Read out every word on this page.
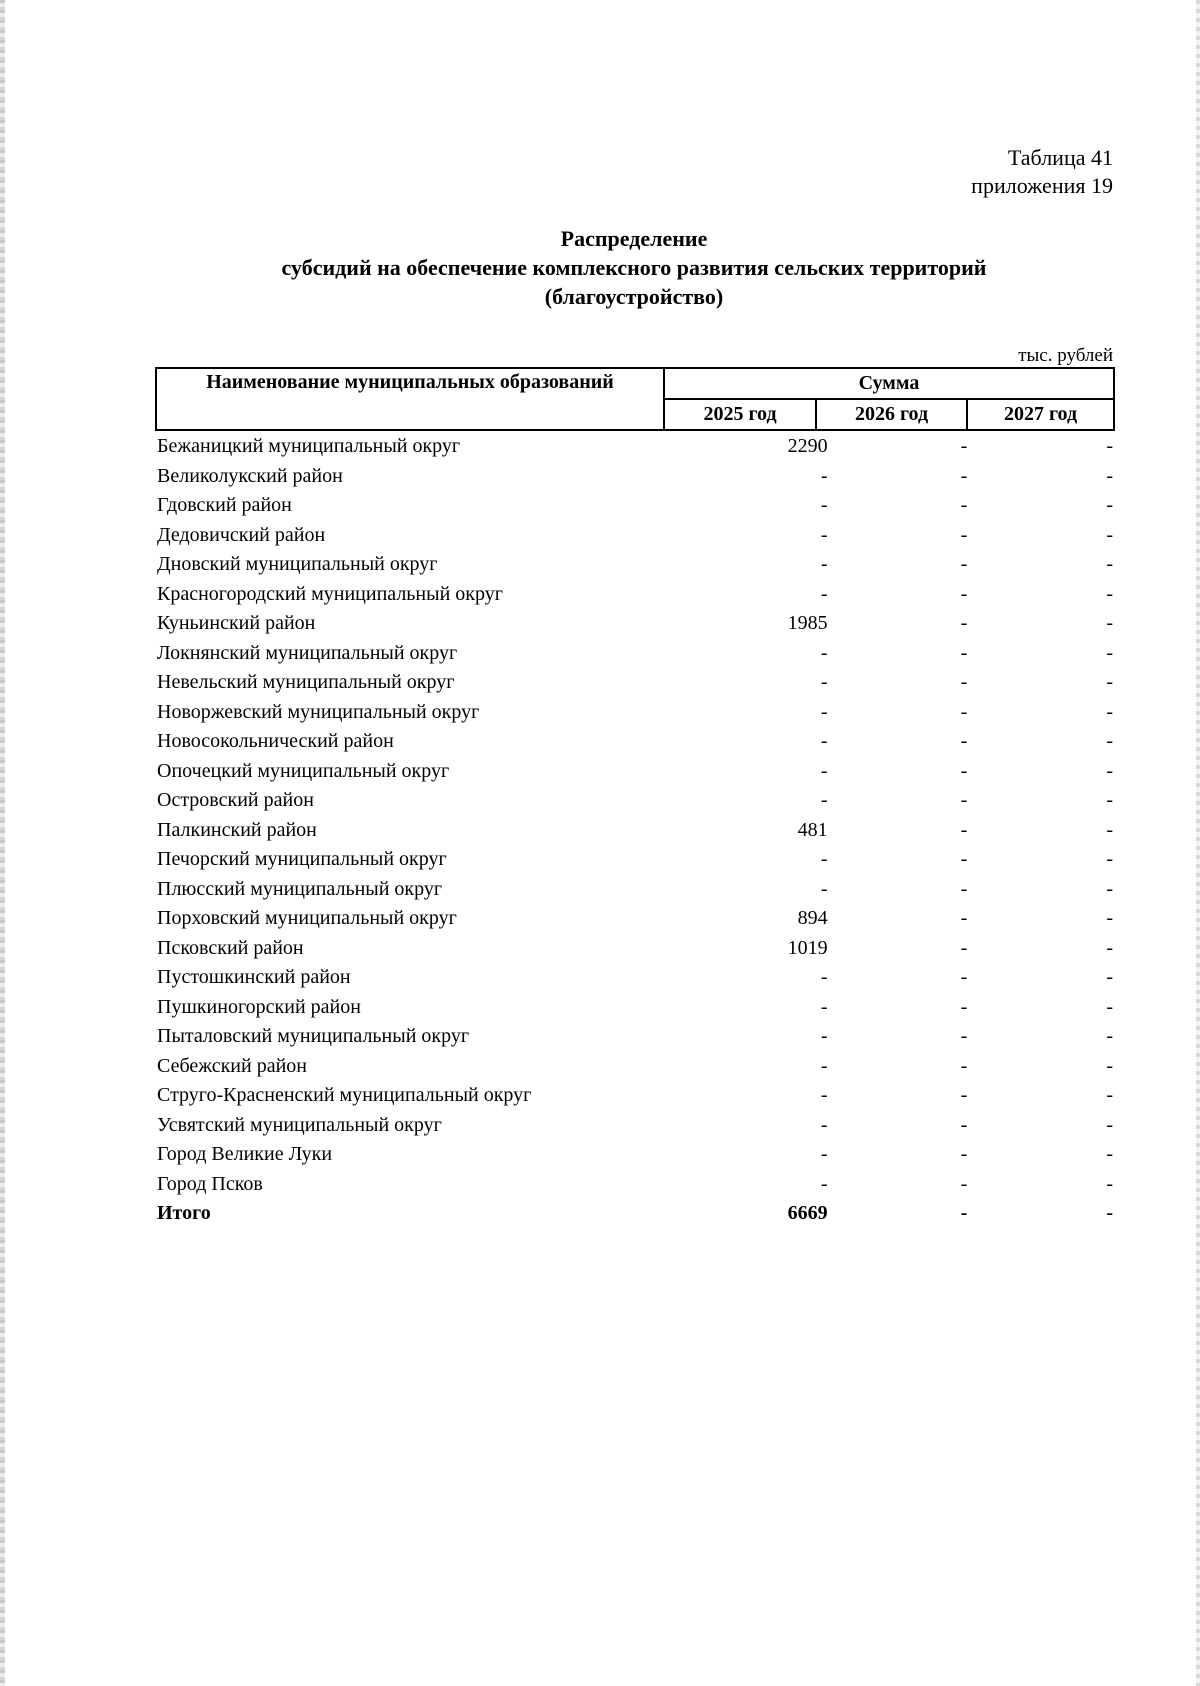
Таблица 41
приложения 19
Распределение
субсидий на обеспечение комплексного развития сельских территорий
(благоустройство)
тыс. рублей
Наименование муниципальных образований	Сумма		
	2025 год	2026 год	2027 год
Бежаницкий муниципальный округ	2290	-	-
Великолукский район	-	-	-
Гдовский район	-	-	-
Дедовичский район	-	-	-
Дновский муниципальный округ	-	-	-
Красногородский муниципальный округ	-	-	-
Куньинский район	1985	-	-
Локнянский муниципальный округ	-	-	-
Невельский муниципальный округ	-	-	-
Новоржевский муниципальный округ	-	-	-
Новосокольнический район	-	-	-
Опочецкий муниципальный округ	-	-	-
Островский район	-	-	-
Палкинский район	481	-	-
Печорский муниципальный округ	-	-	-
Плюсский муниципальный округ	-	-	-
Порховский муниципальный округ	894	-	-
Псковский район	1019	-	-
Пустошкинский район	-	-	-
Пушкиногорский район	-	-	-
Пыталовский муниципальный округ	-	-	-
Себежский район	-	-	-
Струго-Красненский муниципальный округ	-	-	-
Усвятский муниципальный округ	-	-	-
Город Великие Луки	-	-	-
Город Псков	-	-	-
Итого	6669	-	-
